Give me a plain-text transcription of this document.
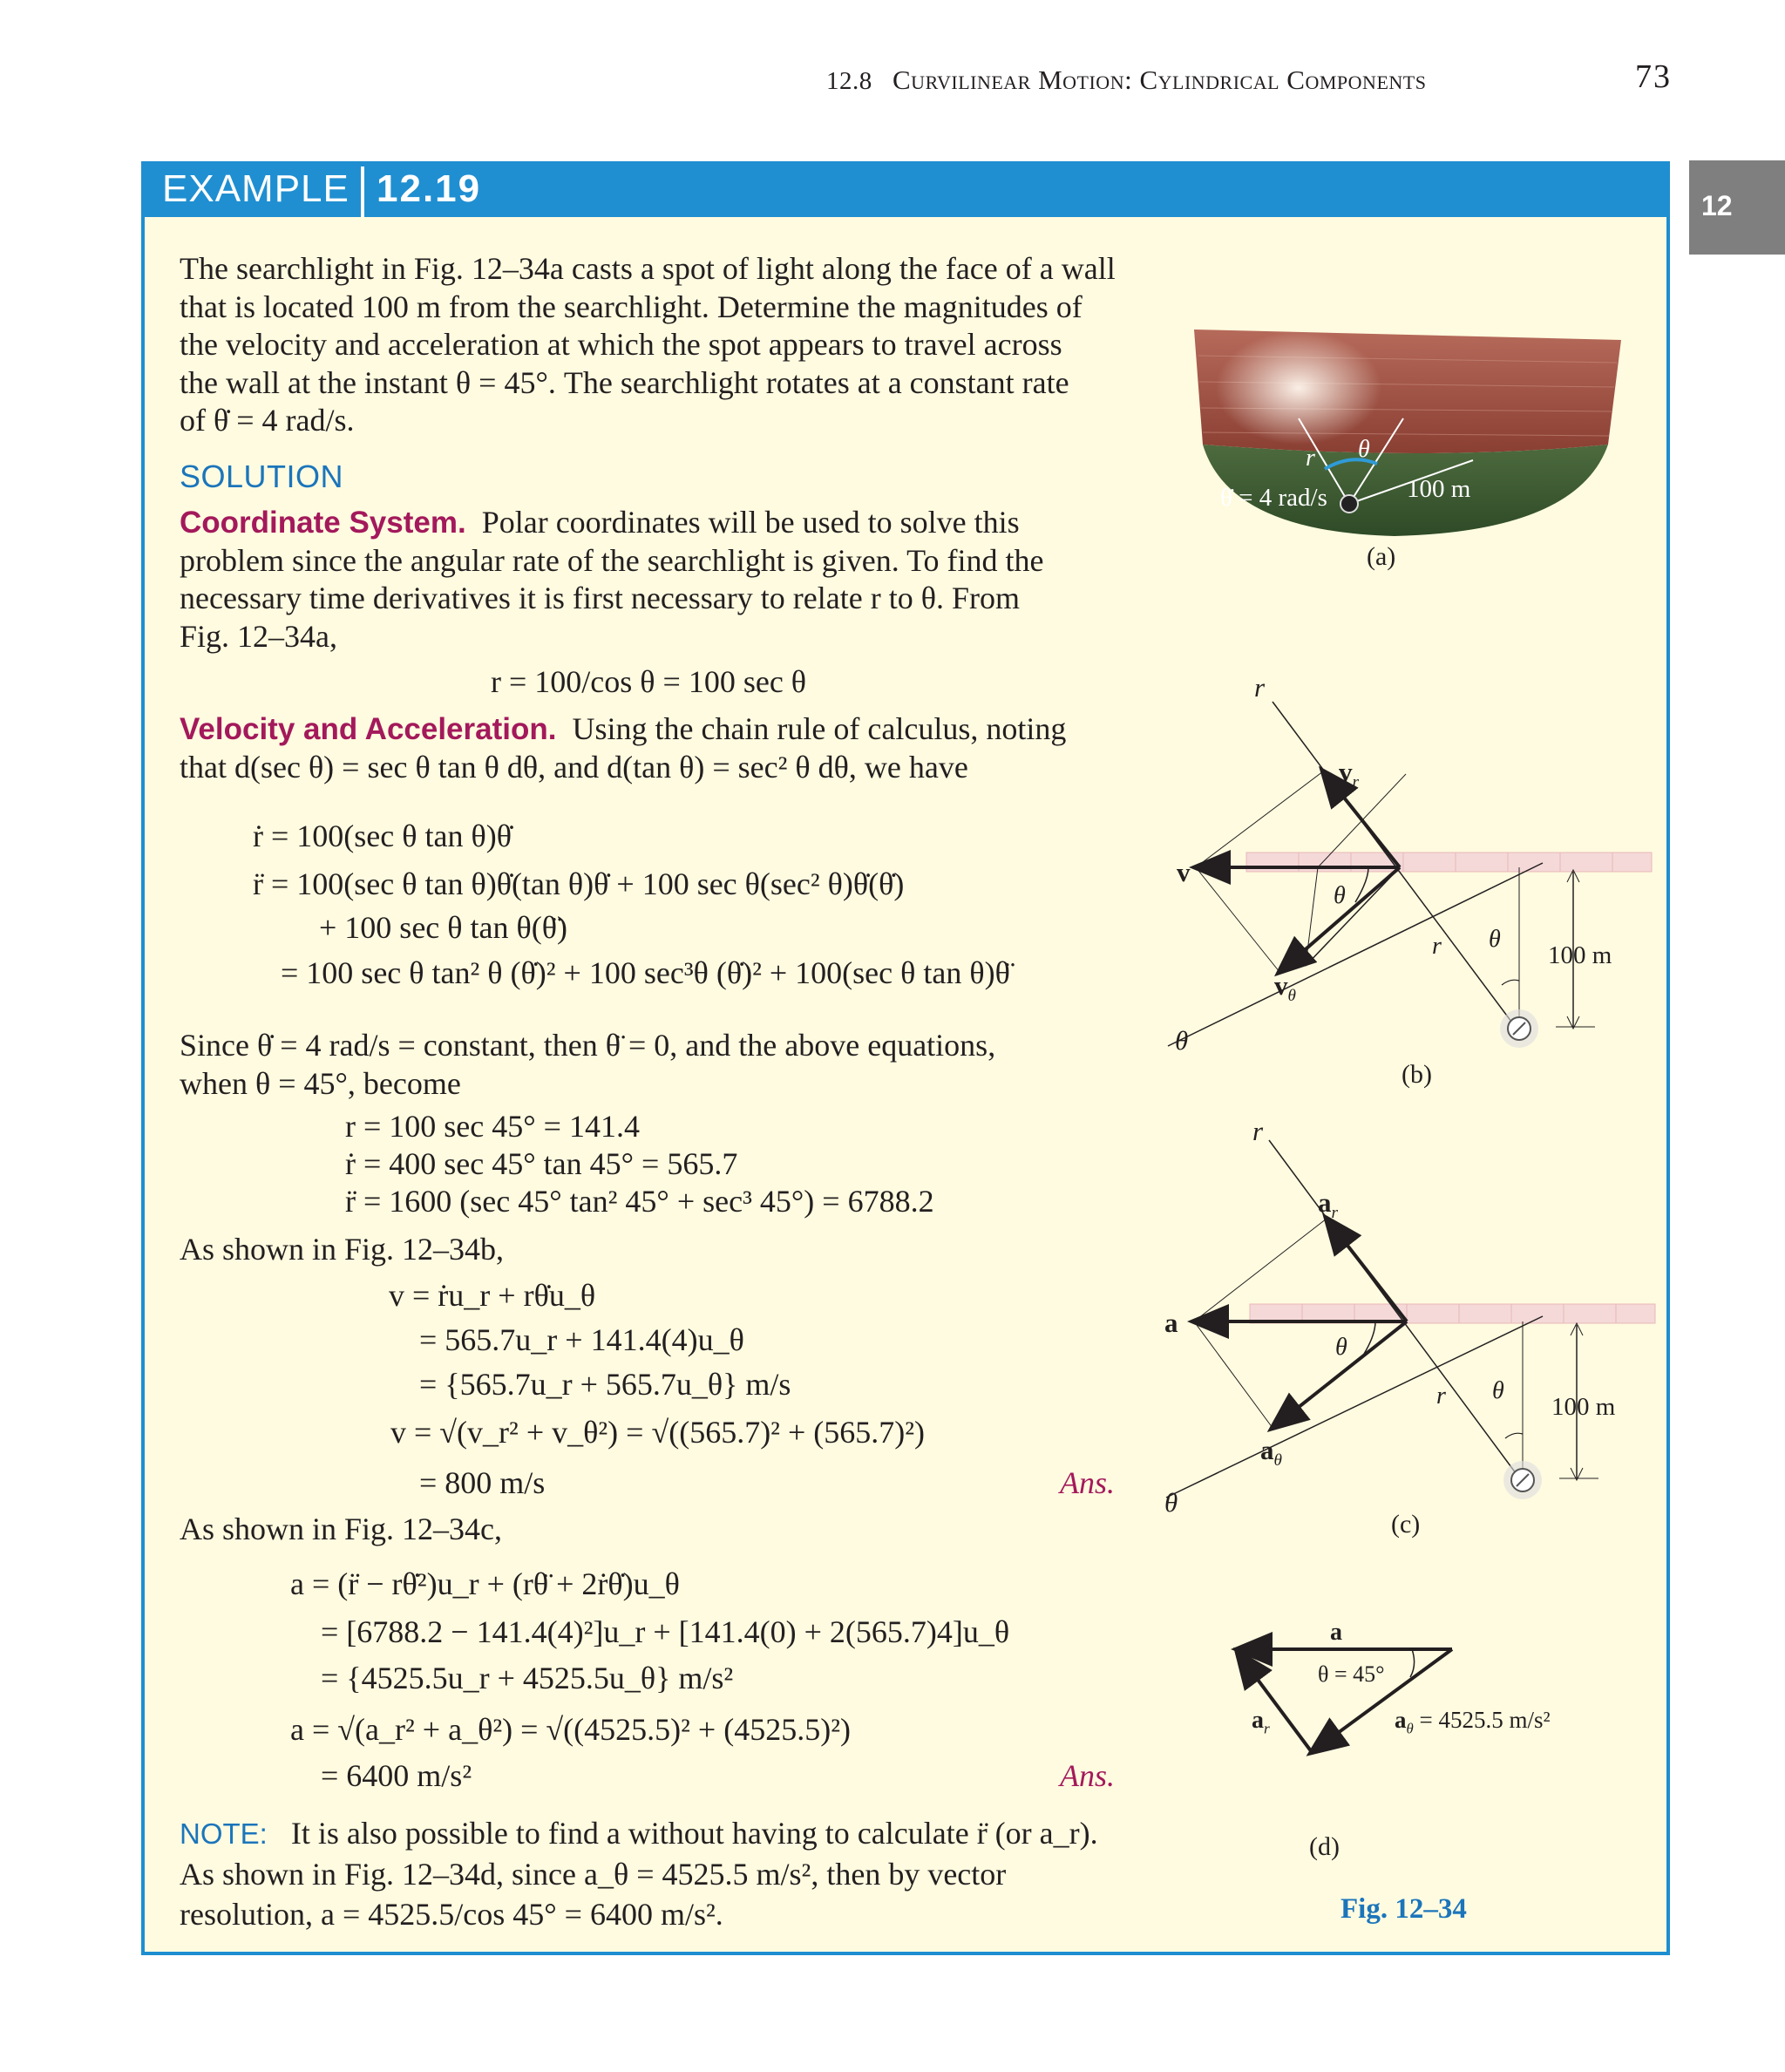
12.8 Curvilinear Motion: Cylindrical Components	73
12
EXAMPLE 12.19

The searchlight in Fig. 12–34a casts a spot of light along the face of a wall

that is located 100 m from the searchlight. Determine the magnitudes of

the velocity and acceleration at which the spot appears to travel across

the wall at the instant θ = 45°. The searchlight rotates at a constant rate

of θ̇ = 4 rad/s.

SOLUTION

Coordinate System. Polar coordinates will be used to solve this

problem since the angular rate of the searchlight is given. To find the

necessary time derivatives it is first necessary to relate r to θ. From

Fig. 12–34a,

r = 100/cos θ = 100 sec θ

Velocity and Acceleration. Using the chain rule of calculus, noting

that d(sec θ) = sec θ tan θ dθ, and d(tan θ) = sec² θ dθ, we have

ṙ = 100(sec θ tan θ)θ̇
r̈ = 100(sec θ tan θ)θ̇(tan θ)θ̇ + 100 sec θ(sec² θ)θ̇(θ̇)
+ 100 sec θ tan θ(θ̈)
= 100 sec θ tan² θ (θ̇)² + 100 sec³θ (θ̇)² + 100(sec θ tan θ)θ̈

Since θ̇ = 4 rad/s = constant, then θ̈ = 0, and the above equations,

when θ = 45°, become

r = 100 sec 45° = 141.4
ṙ = 400 sec 45° tan 45° = 565.7
r̈ = 1600 (sec 45° tan² 45° + sec³ 45°) = 6788.2
As shown in Fig. 12–34b,
v = ṙu_r + rθ̇u_θ
= 565.7u_r + 141.4(4)u_θ
= {565.7u_r + 565.7u_θ} m/s
v = √(v_r² + v_θ²) = √((565.7)² + (565.7)²)
= 800 m/s	Ans.
As shown in Fig. 12–34c,
a = (r̈ − rθ̇²)u_r + (rθ̈ + 2ṙθ̇)u_θ
= [6788.2 − 141.4(4)²]u_r + [141.4(0) + 2(565.7)4]u_θ
= {4525.5u_r + 4525.5u_θ} m/s²
a = √(a_r² + a_θ²) = √((4525.5)² + (4525.5)²)
= 6400 m/s²	Ans.

NOTE: It is also possible to find a without having to calculate r̈ (or a_r).

As shown in Fig. 12–34d, since a_θ = 4525.5 m/s², then by vector

resolution, a = 4525.5/cos 45° = 6400 m/s².

θ̇ = 4 rad/s	100 m
r θ
(a)
r
$v_r$
v
$v_\theta$
θ
θ
r θ
100 m
(b)
r
$a_r$
a
$a_\theta$
θ
θ
r θ
100 m
(c)
a
θ = 45°
$a_r$	$a_\theta = 4525.5$ m/s²
(d)
Fig. 12–34
